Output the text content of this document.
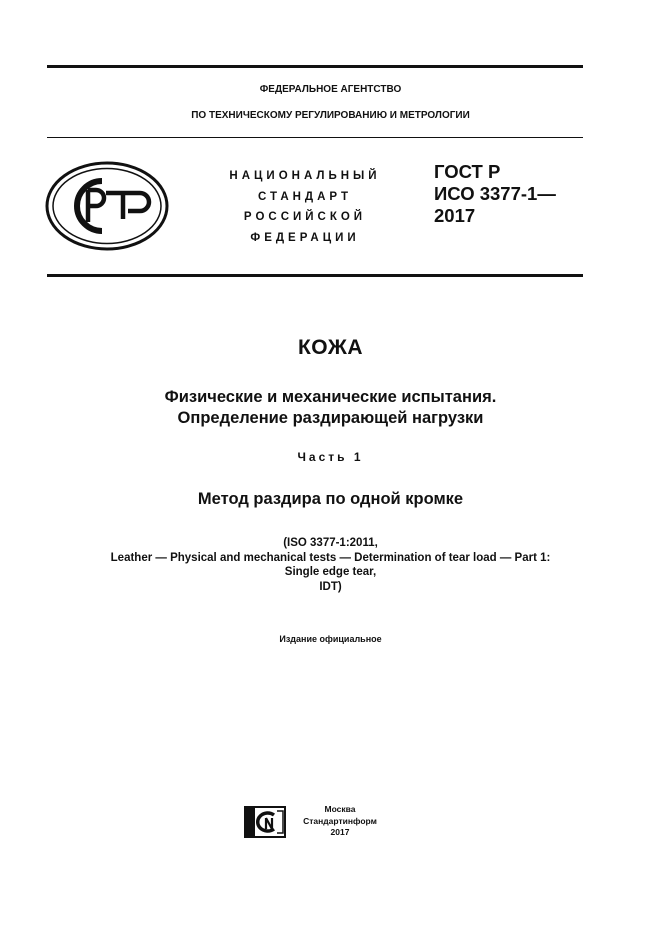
ФЕДЕРАЛЬНОЕ АГЕНТСТВО
ПО ТЕХНИЧЕСКОМУ РЕГУЛИРОВАНИЮ И МЕТРОЛОГИИ
НАЦИОНАЛЬНЫЙ
СТАНДАРТ
РОССИЙСКОЙ
ФЕДЕРАЦИИ
ГОСТ Р
ИСО 3377-1—
2017
КОЖА
Физические и механические испытания.
Определение раздирающей нагрузки
Часть 1
Метод раздира по одной кромке
(ISO 3377-1:2011,
Leather — Physical and mechanical tests — Determination of tear load — Part 1:
Single edge tear,
IDT)
Издание официальное
Москва
Стандартинформ
2017
